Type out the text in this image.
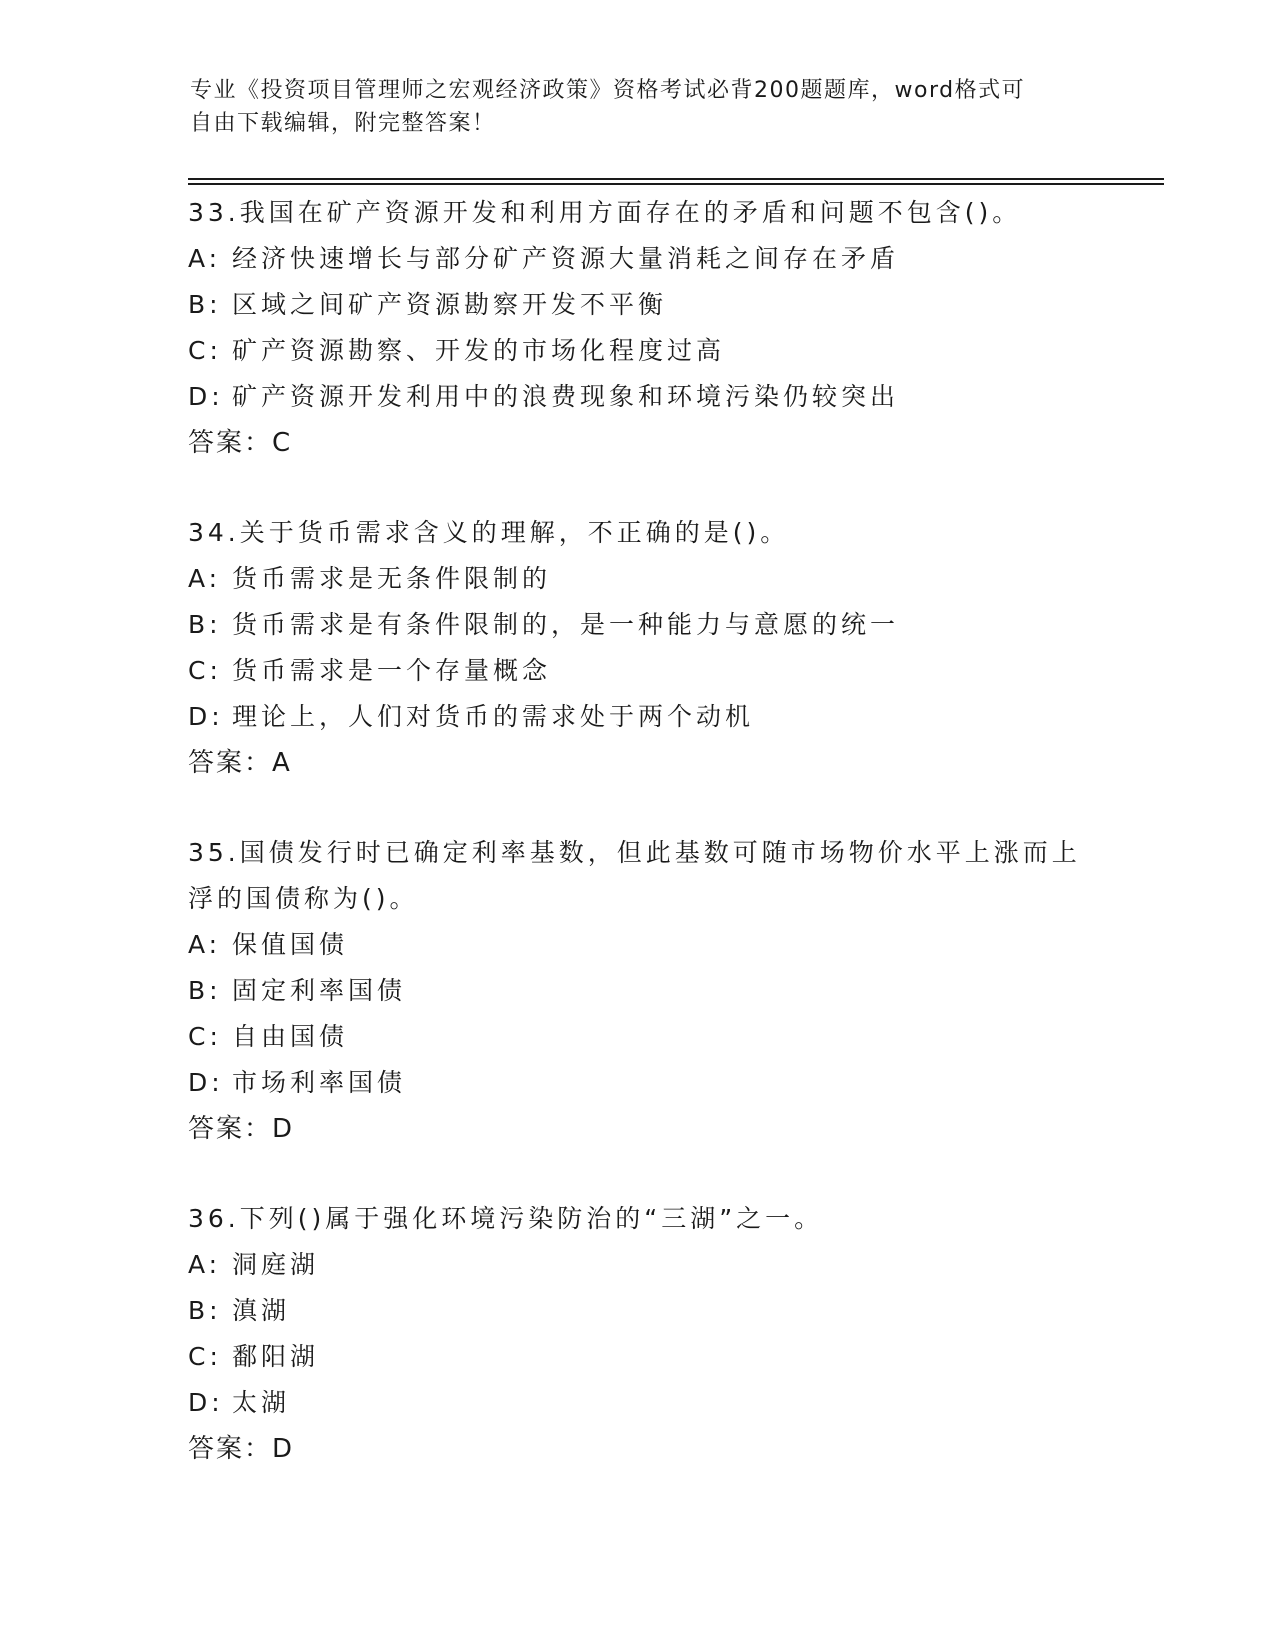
专业《投资项目管理师之宏观经济政策》资格考试必背200题题库，word格式可
自由下载编辑，附完整答案！
33.我国在矿产资源开发和利用方面存在的矛盾和问题不包含()。
A: 经济快速增长与部分矿产资源大量消耗之间存在矛盾
B: 区域之间矿产资源勘察开发不平衡
C: 矿产资源勘察、开发的市场化程度过高
D: 矿产资源开发利用中的浪费现象和环境污染仍较突出
答案：C
34.关于货币需求含义的理解，不正确的是()。
A: 货币需求是无条件限制的
B: 货币需求是有条件限制的，是一种能力与意愿的统一
C: 货币需求是一个存量概念
D: 理论上，人们对货币的需求处于两个动机
答案：A
35.国债发行时已确定利率基数，但此基数可随市场物价水平上涨而上
浮的国债称为()。
A: 保值国债
B: 固定利率国债
C: 自由国债
D: 市场利率国债
答案：D
36.下列()属于强化环境污染防治的“三湖”之一。
A: 洞庭湖
B: 滇湖
C: 鄱阳湖
D: 太湖
答案：D
